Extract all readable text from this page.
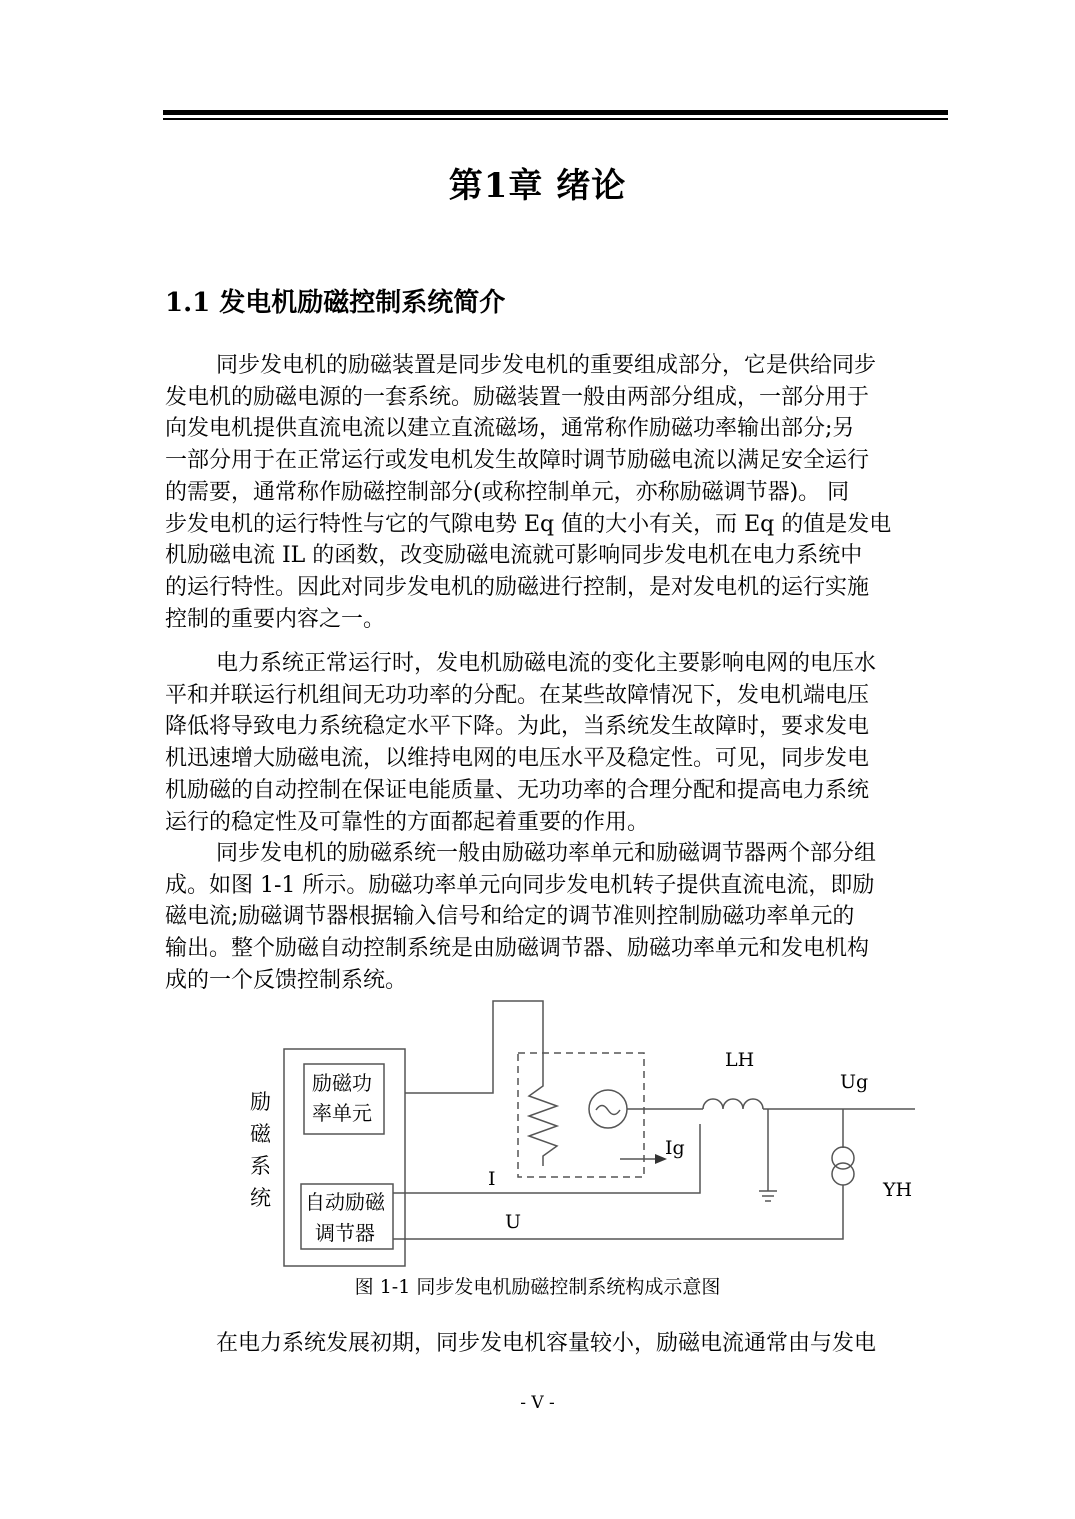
第1章 绪论
1.1 发电机励磁控制系统简介

同步发电机的励磁装置是同步发电机的重要组成部分，它是供给同步
发电机的励磁电源的一套系统。励磁装置一般由两部分组成，一部分用于
向发电机提供直流电流以建立直流磁场，通常称作励磁功率输出部分;另
一部分用于在正常运行或发电机发生故障时调节励磁电流以满足安全运行
的需要，通常称作励磁控制部分(或称控制单元，亦称励磁调节器)。 同
步发电机的运行特性与它的气隙电势 Eq 值的大小有关，而 Eq 的值是发电
机励磁电流 IL 的函数，改变励磁电流就可影响同步发电机在电力系统中
的运行特性。因此对同步发电机的励磁进行控制，是对发电机的运行实施
控制的重要内容之一。

电力系统正常运行时，发电机励磁电流的变化主要影响电网的电压水
平和并联运行机组间无功功率的分配。在某些故障情况下，发电机端电压
降低将导致电力系统稳定水平下降。为此，当系统发生故障时，要求发电
机迅速增大励磁电流，以维持电网的电压水平及稳定性。可见，同步发电
机励磁的自动控制在保证电能质量、无功功率的合理分配和提高电力系统
运行的稳定性及可靠性的方面都起着重要的作用。

同步发电机的励磁系统一般由励磁功率单元和励磁调节器两个部分组
成。如图 1-1 所示。励磁功率单元向同步发电机转子提供直流电流，即励
磁电流;励磁调节器根据输入信号和给定的调节准则控制励磁功率单元的
输出。整个励磁自动控制系统是由励磁调节器、励磁功率单元和发电机构
成的一个反馈控制系统。

励
磁
系
统
励磁功
率单元
自动励磁
调节器
LH
Ug
Ig
YH
I
U
图 1-1 同步发电机励磁控制系统构成示意图

在电力系统发展初期，同步发电机容量较小，励磁电流通常由与发电

- V -
